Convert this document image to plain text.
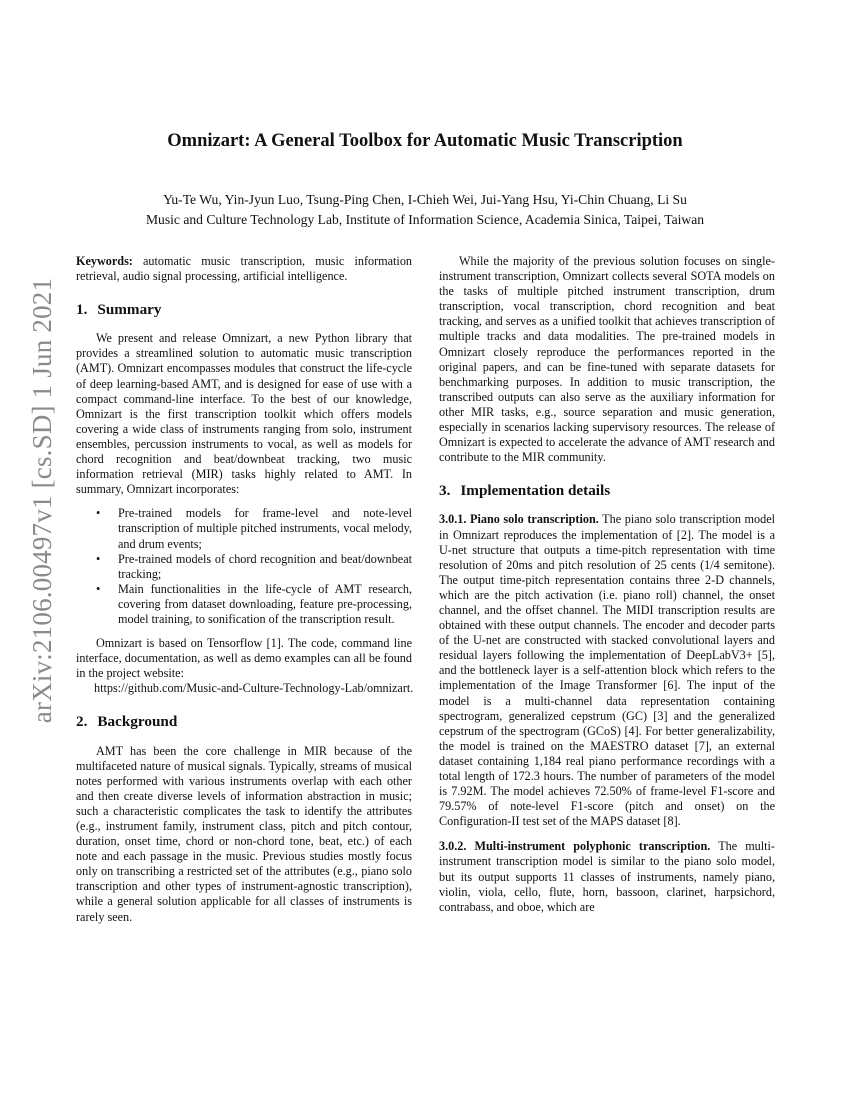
arXiv:2106.00497v1 [cs.SD] 1 Jun 2021
Omnizart: A General Toolbox for Automatic Music Transcription
Yu-Te Wu, Yin-Jyun Luo, Tsung-Ping Chen, I-Chieh Wei, Jui-Yang Hsu, Yi-Chin Chuang, Li Su
Music and Culture Technology Lab, Institute of Information Science, Academia Sinica, Taipei, Taiwan

Keywords: automatic music transcription, music information retrieval, audio signal processing, artificial intelligence.

1. Summary

We present and release Omnizart, a new Python library that provides a streamlined solution to automatic music transcription (AMT). Omnizart encompasses modules that construct the life-cycle of deep learning-based AMT, and is designed for ease of use with a compact command-line interface. To the best of our knowledge, Omnizart is the first transcription toolkit which offers models covering a wide class of instruments ranging from solo, instrument ensembles, percussion instruments to vocal, as well as models for chord recognition and beat/downbeat tracking, two music information retrieval (MIR) tasks highly related to AMT. In summary, Omnizart incorporates:

• Pre-trained models for frame-level and note-level transcription of multiple pitched instruments, vocal melody, and drum events;
• Pre-trained models of chord recognition and beat/downbeat tracking;
• Main functionalities in the life-cycle of AMT research, covering from dataset downloading, feature pre-processing, model training, to sonification of the transcription result.

Omnizart is based on Tensorflow [1]. The code, command line interface, documentation, as well as demo examples can all be found in the project website:

https://github.com/Music-and-Culture-Technology-Lab/omnizart.
2. Background

AMT has been the core challenge in MIR because of the multifaceted nature of musical signals. Typically, streams of musical notes performed with various instruments overlap with each other and then create diverse levels of information abstraction in music; such a characteristic complicates the task to identify the attributes (e.g., instrument family, instrument class, pitch and pitch contour, duration, onset time, chord or non-chord tone, beat, etc.) of each note and each passage in the music. Previous studies mostly focus only on transcribing a restricted set of the attributes (e.g., piano solo transcription and other types of instrument-agnostic transcription), while a general solution applicable for all classes of instruments is rarely seen.

While the majority of the previous solution focuses on single-instrument transcription, Omnizart collects several SOTA models on the tasks of multiple pitched instrument transcription, drum transcription, vocal transcription, chord recognition and beat tracking, and serves as a unified toolkit that achieves transcription of multiple tracks and data modalities. The pre-trained models in Omnizart closely reproduce the performances reported in the original papers, and can be fine-tuned with separate datasets for benchmarking purposes. In addition to music transcription, the transcribed outputs can also serve as the auxiliary information for other MIR tasks, e.g., source separation and music generation, especially in scenarios lacking supervisory resources. The release of Omnizart is expected to accelerate the advance of AMT research and contribute to the MIR community.

3. Implementation details

3.0.1. Piano solo transcription. The piano solo transcription model in Omnizart reproduces the implementation of [2]. The model is a U-net structure that outputs a time-pitch representation with time resolution of 20ms and pitch resolution of 25 cents (1/4 semitone). The output time-pitch representation contains three 2-D channels, which are the pitch activation (i.e. piano roll) channel, the onset channel, and the offset channel. The MIDI transcription results are obtained with these output channels. The encoder and decoder parts of the U-net are constructed with stacked convolutional layers and residual layers following the implementation of DeepLabV3+ [5], and the bottleneck layer is a self-attention block which refers to the implementation of the Image Transformer [6]. The input of the model is a multi-channel data representation containing spectrogram, generalized cepstrum (GC) [3] and the generalized cepstrum of the spectrogram (GCoS) [4]. For better generalizability, the model is trained on the MAESTRO dataset [7], an external dataset containing 1,184 real piano performance recordings with a total length of 172.3 hours. The number of parameters of the model is 7.92M. The model achieves 72.50% of frame-level F1-score and 79.57% of note-level F1-score (pitch and onset) on the Configuration-II test set of the MAPS dataset [8].

3.0.2. Multi-instrument polyphonic transcription. The multi-instrument transcription model is similar to the piano solo model, but its output supports 11 classes of instruments, namely piano, violin, viola, cello, flute, horn, bassoon, clarinet, harpsichord, contrabass, and oboe, which are
